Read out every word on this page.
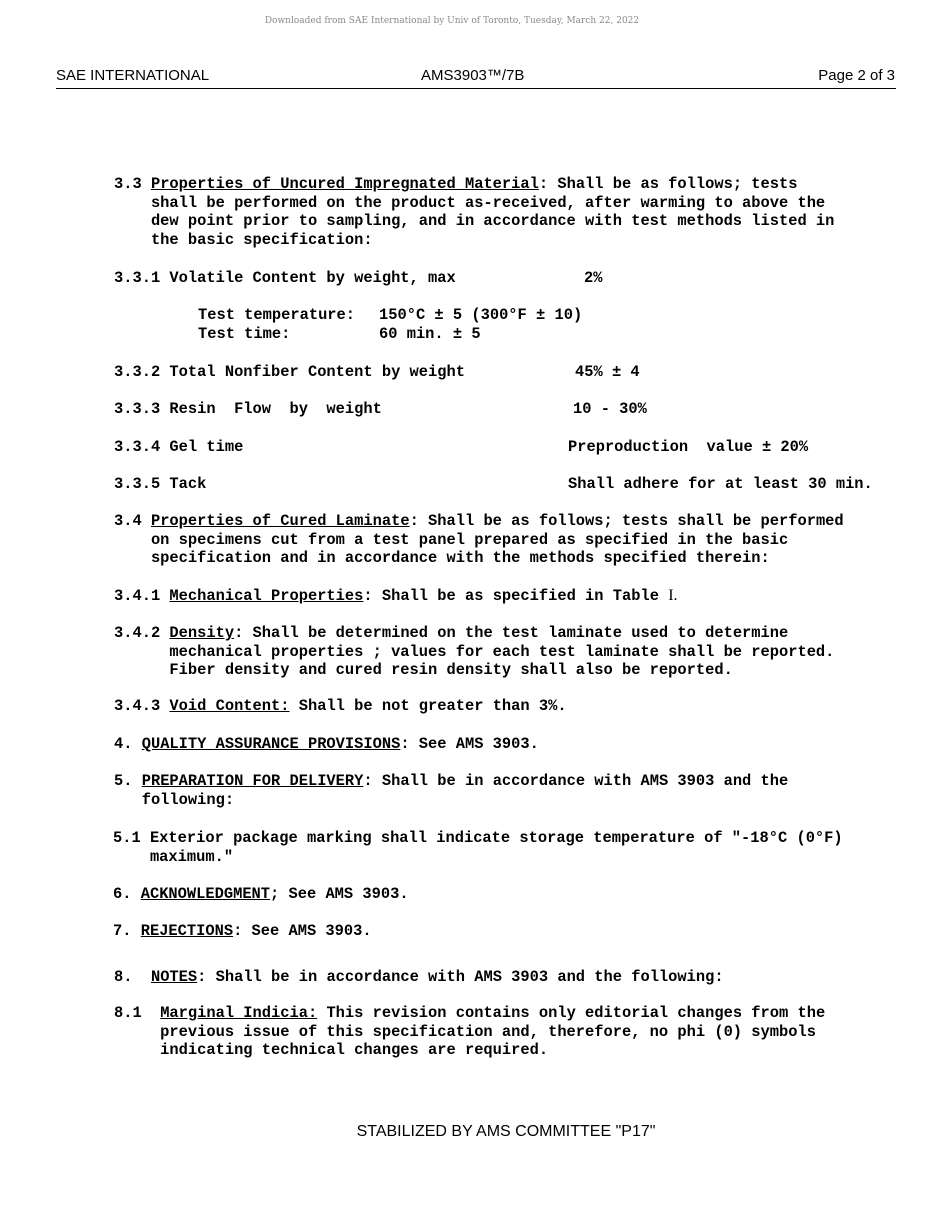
Downloaded from SAE International by Univ of Toronto, Tuesday, March 22, 2022
SAE INTERNATIONAL	AMS3903™/7B	Page 2 of 3
3.3 Properties of Uncured Impregnated Material: Shall be as follows; tests
shall be performed on the product as-received, after warming to above the
dew point prior to sampling, and in accordance with test methods listed in
the basic specification:
3.3.1 Volatile Content by weight, max	2%
Test temperature: 150°C ± 5 (300°F ± 10)
Test time:	60 min. ± 5
3.3.2 Total Nonfiber Content by weight	45% ± 4
3.3.3 Resin  Flow  by  weight	10 - 30%
3.3.4 Gel time	Preproduction  value ± 20%
3.3.5 Tack	Shall adhere for at least 30 min.
3.4 Properties of Cured Laminate: Shall be as follows; tests shall be performed
on specimens cut from a test panel prepared as specified in the basic
specification and in accordance with the methods specified therein:
3.4.1 Mechanical Properties: Shall be as specified in Table I.
3.4.2 Density: Shall be determined on the test laminate used to determine
mechanical properties ; values for each test laminate shall be reported.
Fiber density and cured resin density shall also be reported.
3.4.3 Void Content: Shall be not greater than 3%.
4. QUALITY ASSURANCE PROVISIONS: See AMS 3903.
5. PREPARATION FOR DELIVERY: Shall be in accordance with AMS 3903 and the
following:
5.1 Exterior package marking shall indicate storage temperature of "-18°C (0°F)
maximum."
6. ACKNOWLEDGMENT; See AMS 3903.
7. REJECTIONS: See AMS 3903.
8.  NOTES: Shall be in accordance with AMS 3903 and the following:
8.1  Marginal Indicia: This revision contains only editorial changes from the
previous issue of this specification and, therefore, no phi (0) symbols
indicating technical changes are required.
STABILIZED BY AMS COMMITTEE "P17"
